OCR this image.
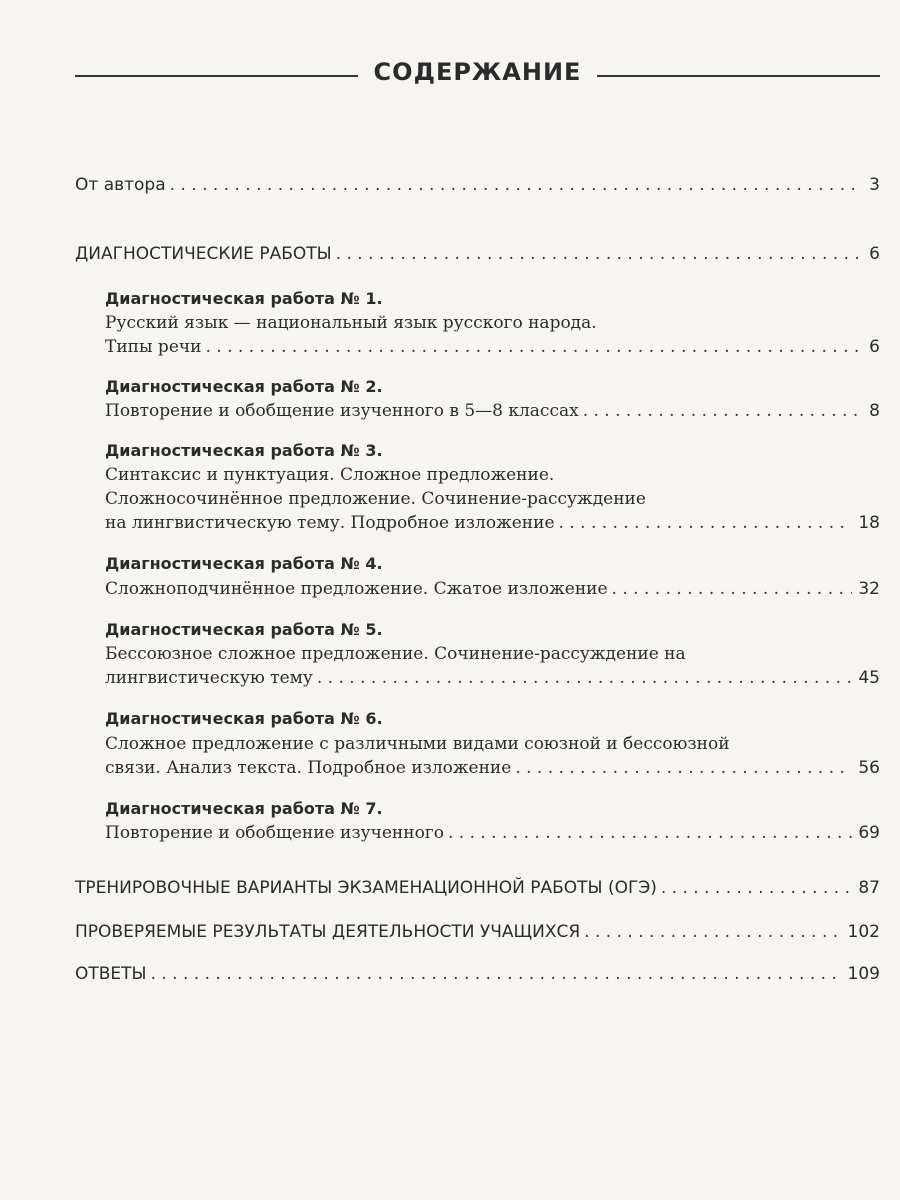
СОДЕРЖАНИЕ
От автора . . .	3
ДИАГНОСТИЧЕСКИЕ РАБОТЫ . . .	6
Диагностическая работа № 1.
Русский язык — национальный язык русского народа.
Типы речи . . .	6
Диагностическая работа № 2.
Повторение и обобщение изученного в 5—8 классах . . .	8
Диагностическая работа № 3.
Синтаксис и пунктуация. Сложное предложение.
Сложносочинённое предложение. Сочинение-рассуждение
на лингвистическую тему. Подробное изложение . . .	18
Диагностическая работа № 4.
Сложноподчинённое предложение. Сжатое изложение . . .	32
Диагностическая работа № 5.
Бессоюзное сложное предложение. Сочинение-рассуждение на
лингвистическую тему . . .	45
Диагностическая работа № 6.
Сложное предложение с различными видами союзной и бессоюзной
связи. Анализ текста. Подробное изложение . . .	56
Диагностическая работа № 7.
Повторение и обобщение изученного . . .	69
ТРЕНИРОВОЧНЫЕ ВАРИАНТЫ ЭКЗАМЕНАЦИОННОЙ РАБОТЫ (ОГЭ) . . .	87
ПРОВЕРЯЕМЫЕ РЕЗУЛЬТАТЫ ДЕЯТЕЛЬНОСТИ УЧАЩИХСЯ . . .	102
ОТВЕТЫ . . .	109
